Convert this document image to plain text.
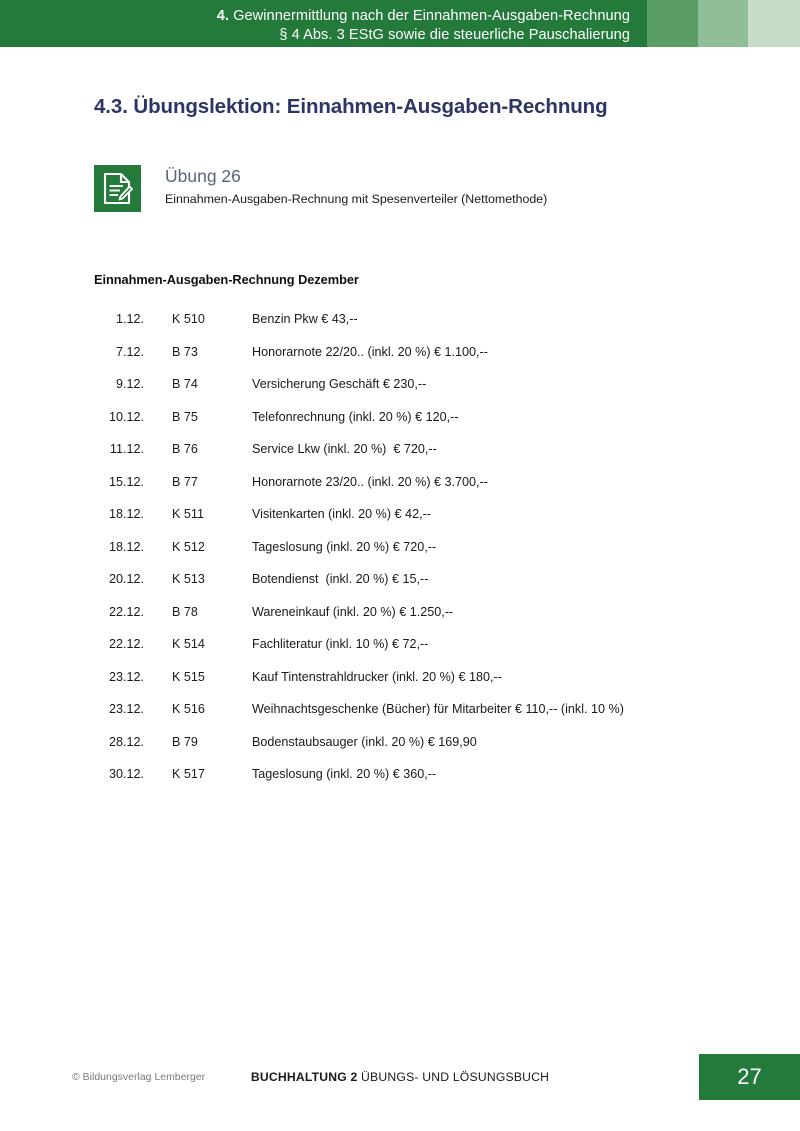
4. Gewinnermittlung nach der Einnahmen-Ausgaben-Rechnung
§ 4 Abs. 3 EStG sowie die steuerliche Pauschalierung
4.3. Übungslektion: Einnahmen-Ausgaben-Rechnung
Übung 26
Einnahmen-Ausgaben-Rechnung mit Spesenverteiler (Nettomethode)
Einnahmen-Ausgaben-Rechnung Dezember
1.12.	K 510	Benzin Pkw € 43,--
7.12.	B 73	Honorarnote 22/20.. (inkl. 20 %) € 1.100,--
9.12.	B 74	Versicherung Geschäft € 230,--
10.12.	B 75	Telefonrechnung (inkl. 20 %) € 120,--
11.12.	B 76	Service Lkw (inkl. 20 %)  € 720,--
15.12.	B 77	Honorarnote 23/20.. (inkl. 20 %) € 3.700,--
18.12.	K 511	Visitenkarten (inkl. 20 %) € 42,--
18.12.	K 512	Tageslosung (inkl. 20 %) € 720,--
20.12.	K 513	Botendienst  (inkl. 20 %) € 15,--
22.12.	B 78	Wareneinkauf (inkl. 20 %) € 1.250,--
22.12.	K 514	Fachliteratur (inkl. 10 %) € 72,--
23.12.	K 515	Kauf Tintenstrahldrucker (inkl. 20 %) € 180,--
23.12.	K 516	Weihnachtsgeschenke (Bücher) für Mitarbeiter € 110,-- (inkl. 10 %)
28.12.	B 79	Bodenstaubsauger (inkl. 20 %) € 169,90
30.12.	K 517	Tageslosung (inkl. 20 %) € 360,--
© Bildungsverlag Lemberger	BUCHHALTUNG 2 ÜBUNGS- UND LÖSUNGSBUCH	27
